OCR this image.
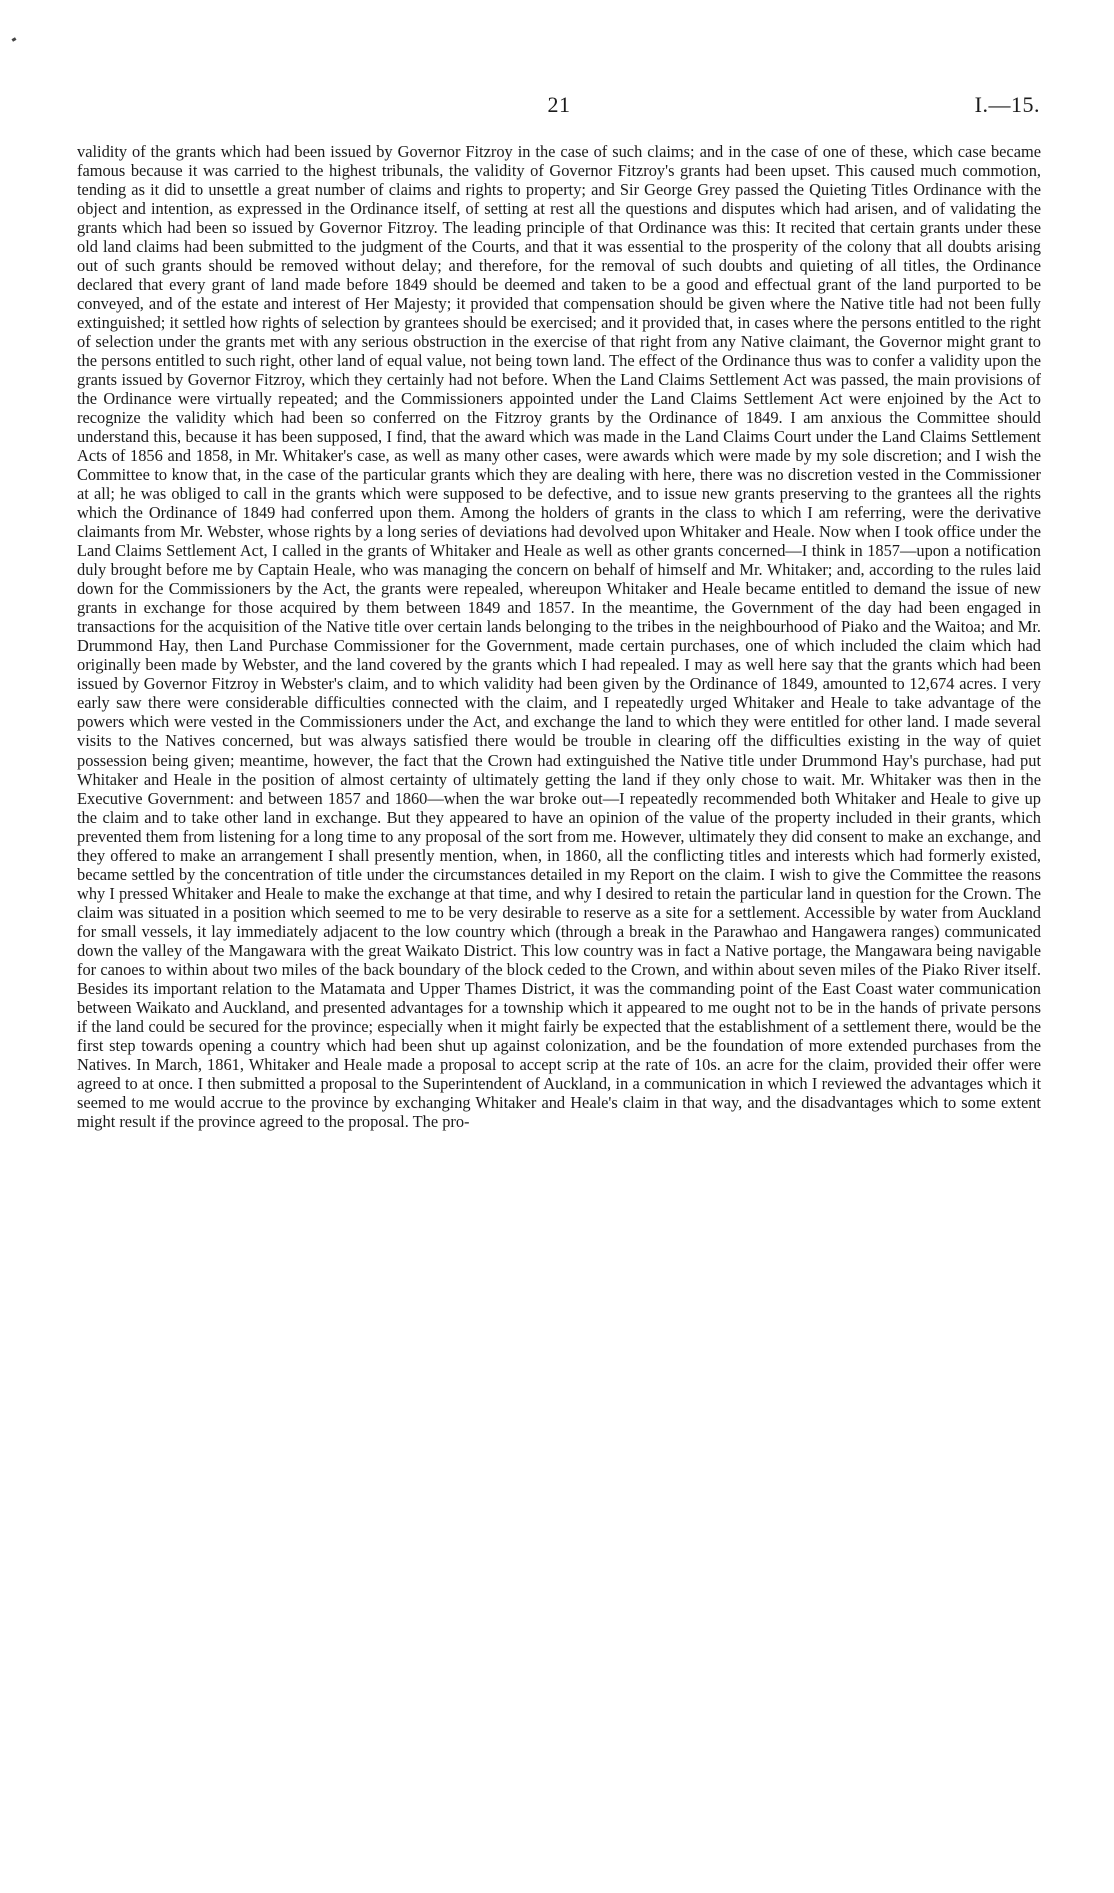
21	I.—15.

validity of the grants which had been issued by Governor Fitzroy in the case of such claims; and in the case of one of these, which case became famous because it was carried to the highest tribunals, the validity of Governor Fitzroy's grants had been upset. This caused much commotion, tending as it did to unsettle a great number of claims and rights to property; and Sir George Grey passed the Quieting Titles Ordinance with the object and intention, as expressed in the Ordinance itself, of setting at rest all the questions and disputes which had arisen, and of validating the grants which had been so issued by Governor Fitzroy. The leading principle of that Ordinance was this: It recited that certain grants under these old land claims had been submitted to the judgment of the Courts, and that it was essential to the prosperity of the colony that all doubts arising out of such grants should be removed without delay; and therefore, for the removal of such doubts and quieting of all titles, the Ordinance declared that every grant of land made before 1849 should be deemed and taken to be a good and effectual grant of the land purported to be conveyed, and of the estate and interest of Her Majesty; it provided that compensation should be given where the Native title had not been fully extinguished; it settled how rights of selection by grantees should be exercised; and it provided that, in cases where the persons entitled to the right of selection under the grants met with any serious obstruction in the exercise of that right from any Native claimant, the Governor might grant to the persons entitled to such right, other land of equal value, not being town land. The effect of the Ordinance thus was to confer a validity upon the grants issued by Governor Fitzroy, which they certainly had not before. When the Land Claims Settlement Act was passed, the main provisions of the Ordinance were virtually repeated; and the Commissioners appointed under the Land Claims Settlement Act were enjoined by the Act to recognize the validity which had been so conferred on the Fitzroy grants by the Ordinance of 1849. I am anxious the Committee should understand this, because it has been supposed, I find, that the award which was made in the Land Claims Court under the Land Claims Settlement Acts of 1856 and 1858, in Mr. Whitaker's case, as well as many other cases, were awards which were made by my sole discretion; and I wish the Committee to know that, in the case of the particular grants which they are dealing with here, there was no discretion vested in the Commissioner at all; he was obliged to call in the grants which were supposed to be defective, and to issue new grants preserving to the grantees all the rights which the Ordinance of 1849 had conferred upon them. Among the holders of grants in the class to which I am referring, were the derivative claimants from Mr. Webster, whose rights by a long series of deviations had devolved upon Whitaker and Heale. Now when I took office under the Land Claims Settlement Act, I called in the grants of Whitaker and Heale as well as other grants concerned—I think in 1857—upon a notification duly brought before me by Captain Heale, who was managing the concern on behalf of himself and Mr. Whitaker; and, according to the rules laid down for the Commissioners by the Act, the grants were repealed, whereupon Whitaker and Heale became entitled to demand the issue of new grants in exchange for those acquired by them between 1849 and 1857. In the meantime, the Government of the day had been engaged in transactions for the acquisition of the Native title over certain lands belonging to the tribes in the neighbourhood of Piako and the Waitoa; and Mr. Drummond Hay, then Land Purchase Commissioner for the Government, made certain purchases, one of which included the claim which had originally been made by Webster, and the land covered by the grants which I had repealed. I may as well here say that the grants which had been issued by Governor Fitzroy in Webster's claim, and to which validity had been given by the Ordinance of 1849, amounted to 12,674 acres. I very early saw there were considerable difficulties connected with the claim, and I repeatedly urged Whitaker and Heale to take advantage of the powers which were vested in the Commissioners under the Act, and exchange the land to which they were entitled for other land. I made several visits to the Natives concerned, but was always satisfied there would be trouble in clearing off the difficulties existing in the way of quiet possession being given; meantime, however, the fact that the Crown had extinguished the Native title under Drummond Hay's purchase, had put Whitaker and Heale in the position of almost certainty of ultimately getting the land if they only chose to wait. Mr. Whitaker was then in the Executive Government: and between 1857 and 1860—when the war broke out—I repeatedly recommended both Whitaker and Heale to give up the claim and to take other land in exchange. But they appeared to have an opinion of the value of the property included in their grants, which prevented them from listening for a long time to any proposal of the sort from me. However, ultimately they did consent to make an exchange, and they offered to make an arrangement I shall presently mention, when, in 1860, all the conflicting titles and interests which had formerly existed, became settled by the concentration of title under the circumstances detailed in my Report on the claim. I wish to give the Committee the reasons why I pressed Whitaker and Heale to make the exchange at that time, and why I desired to retain the particular land in question for the Crown. The claim was situated in a position which seemed to me to be very desirable to reserve as a site for a settlement. Accessible by water from Auckland for small vessels, it lay immediately adjacent to the low country which (through a break in the Parawhao and Hangawera ranges) communicated down the valley of the Mangawara with the great Waikato District. This low country was in fact a Native portage, the Mangawara being navigable for canoes to within about two miles of the back boundary of the block ceded to the Crown, and within about seven miles of the Piako River itself. Besides its important relation to the Matamata and Upper Thames District, it was the commanding point of the East Coast water communication between Waikato and Auckland, and presented advantages for a township which it appeared to me ought not to be in the hands of private persons if the land could be secured for the province; especially when it might fairly be expected that the establishment of a settlement there, would be the first step towards opening a country which had been shut up against colonization, and be the foundation of more extended purchases from the Natives. In March, 1861, Whitaker and Heale made a proposal to accept scrip at the rate of 10s. an acre for the claim, provided their offer were agreed to at once. I then submitted a proposal to the Superintendent of Auckland, in a communication in which I reviewed the advantages which it seemed to me would accrue to the province by exchanging Whitaker and Heale's claim in that way, and the disadvantages which to some extent might result if the province agreed to the proposal. The pro-
